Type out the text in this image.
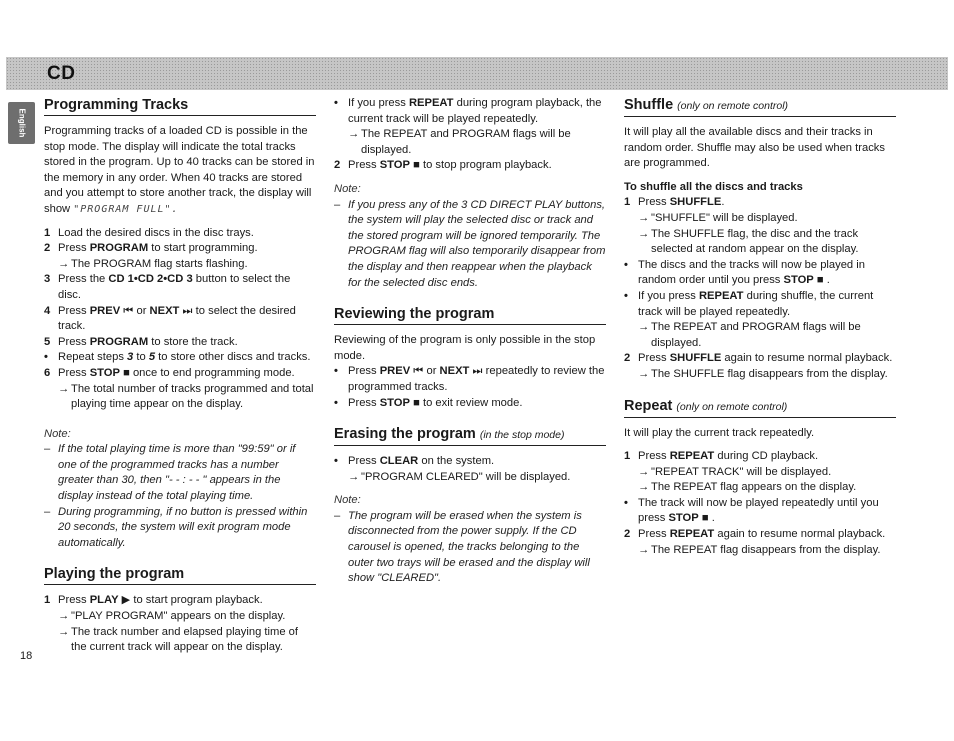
CD
English
Programming Tracks

Programming tracks of a loaded CD is possible in the stop mode. The display will indicate the total tracks stored in the program. Up to 40 tracks can be stored in the memory in any order. When 40 tracks are stored and you attempt to store another track, the display will show "PROGRAM FULL".

1 Load the desired discs in the disc trays.
2 Press PROGRAM to start programming.
→ The PROGRAM flag starts flashing.
3 Press the CD 1•CD 2•CD 3 button to select the disc.
4 Press PREV ⏮ or NEXT ⏭ to select the desired track.
5 Press PROGRAM to store the track.
• Repeat steps 3 to 5 to store other discs and tracks.
6 Press STOP ■ once to end programming mode.
→ The total number of tracks programmed and total playing time appear on the display.

Note:

– If the total playing time is more than "99:59" or if one of the programmed tracks has a number greater than 30, then "- - : - - " appears in the display instead of the total playing time.
– During programming, if no button is pressed within 20 seconds, the system will exit program mode automatically.
Playing the program
1 Press PLAY ▶ to start program playback.
→ "PLAY PROGRAM" appears on the display.
→ The track number and elapsed playing time of the current track will appear on the display.
• If you press REPEAT during program playback, the current track will be played repeatedly.
→ The REPEAT and PROGRAM flags will be displayed.
2 Press STOP ■ to stop program playback.

Note:

– If you press any of the 3 CD DIRECT PLAY buttons, the system will play the selected disc or track and the stored program will be ignored temporarily. The PROGRAM flag will also temporarily disappear from the display and then reappear when the playback for the selected disc ends.
Reviewing the program

Reviewing of the program is only possible in the stop mode.

• Press PREV ⏮ or NEXT ⏭ repeatedly to review the programmed tracks.
• Press STOP ■ to exit review mode.
Erasing the program (in the stop mode)
• Press CLEAR on the system.
→ "PROGRAM CLEARED" will be displayed.

Note:

– The program will be erased when the system is disconnected from the power supply. If the CD carousel is opened, the tracks belonging to the outer two trays will be erased and the display will show "CLEARED".
Shuffle (only on remote control)

It will play all the available discs and their tracks in random order. Shuffle may also be used when tracks are programmed.

To shuffle all the discs and tracks

1 Press SHUFFLE.
→ "SHUFFLE" will be displayed.
→ The SHUFFLE flag, the disc and the track selected at random appear on the display.
• The discs and the tracks will now be played in random order until you press STOP ■ .
• If you press REPEAT during shuffle, the current track will be played repeatedly.
→ The REPEAT and PROGRAM flags will be displayed.
2 Press SHUFFLE again to resume normal playback.
→ The SHUFFLE flag disappears from the display.
Repeat (only on remote control)

It will play the current track repeatedly.

1 Press REPEAT during CD playback.
→ "REPEAT TRACK" will be displayed.
→ The REPEAT flag appears on the display.
• The track will now be played repeatedly until you press STOP ■ .
2 Press REPEAT again to resume normal playback.
→ The REPEAT flag disappears from the display.
18
